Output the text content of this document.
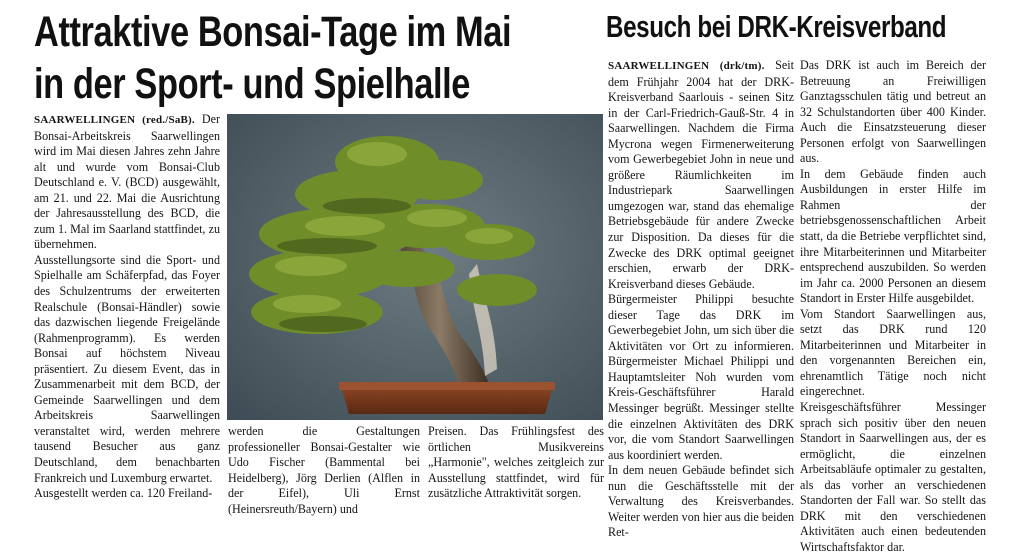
Attraktive Bonsai-Tage im Mai
in der Sport- und Spielhalle

SAARWELLINGEN (red./SaB). Der Bonsai-Arbeitskreis Saarwellingen wird im Mai diesen Jahres zehn Jahre alt und wurde vom Bonsai-Club Deutschland e. V. (BCD) ausgewählt, am 21. und 22. Mai die Ausrichtung der Jahresausstellung des BCD, die zum 1. Mal im Saarland stattfindet, zu übernehmen.

Ausstellungsorte sind die Sport- und Spielhalle am Schäferpfad, das Foyer des Schulzentrums der erweiterten Realschule (Bonsai-Händler) sowie das dazwischen liegende Freigelände (Rahmenprogramm). Es werden Bonsai auf höchstem Niveau präsentiert. Zu diesem Event, das in Zusammenarbeit mit dem BCD, der Gemeinde Saarwellingen und dem Arbeitskreis Saarwellingen veranstaltet wird, werden mehrere tausend Besucher aus ganz Deutschland, dem benachbarten Frankreich und Luxemburg erwartet.

Ausgestellt werden ca. 120 Freiland-

werden die Gestaltungen professioneller Bonsai-Gestalter wie Udo Fischer (Bammental bei Heidelberg), Jörg Derlien (Alflen in der Eifel), Uli Ernst (Heinersreuth/Bayern) und

Preisen. Das Frühlingsfest des örtlichen Musikvereins „Harmonie", welches zeitgleich zur Ausstellung stattfindet, wird für zusätzliche Attraktivität sorgen.

Besuch bei DRK-Kreisverband

SAARWELLINGEN (drk/tm). Seit dem Frühjahr 2004 hat der DRK-Kreisverband Saarlouis - seinen Sitz in der Carl-Friedrich-Gauß-Str. 4 in Saarwellingen. Nachdem die Firma Mycrona wegen Firmenerweiterung vom Gewerbegebiet John in neue und größere Räumlichkeiten im Industriepark Saarwellingen umgezogen war, stand das ehemalige Betriebsgebäude für andere Zwecke zur Disposition. Da dieses für die Zwecke des DRK optimal geeignet erschien, erwarb der DRK-Kreisverband dieses Gebäude.

Bürgermeister Philippi besuchte dieser Tage das DRK im Gewerbegebiet John, um sich über die Aktivitäten vor Ort zu informieren. Bürgermeister Michael Philippi und Hauptamtsleiter Noh wurden vom Kreis-Geschäftsführer Harald Messinger begrüßt. Messinger stellte die einzelnen Aktivitäten des DRK vor, die vom Standort Saarwellingen aus koordiniert werden.

In dem neuen Gebäude befindet sich nun die Geschäftsstelle mit der Verwaltung des Kreisverbandes. Weiter werden von hier aus die beiden Ret-

Das DRK ist auch im Bereich der Betreuung an Freiwilligen Ganztagsschulen tätig und betreut an 32 Schulstandorten über 400 Kinder. Auch die Einsatzsteuerung dieser Personen erfolgt von Saarwellingen aus.

In dem Gebäude finden auch Ausbildungen in erster Hilfe im Rahmen der betriebsgenossenschaftlichen Arbeit statt, da die Betriebe verpflichtet sind, ihre Mitarbeiterinnen und Mitarbeiter entsprechend auszubilden. So werden im Jahr ca. 2000 Personen an diesem Standort in Erster Hilfe ausgebildet.

Vom Standort Saarwellingen aus, setzt das DRK rund 120 Mitarbeiterinnen und Mitarbeiter in den vorgenannten Bereichen ein, ehrenamtlich Tätige noch nicht eingerechnet.

Kreisgeschäftsführer Messinger sprach sich positiv über den neuen Standort in Saarwellingen aus, der es ermöglicht, die einzelnen Arbeitsabläufe optimaler zu gestalten, als das vorher an verschiedenen Standorten der Fall war. So stellt das DRK mit den verschiedenen Aktivitäten auch einen bedeutenden Wirtschaftsfaktor dar.
